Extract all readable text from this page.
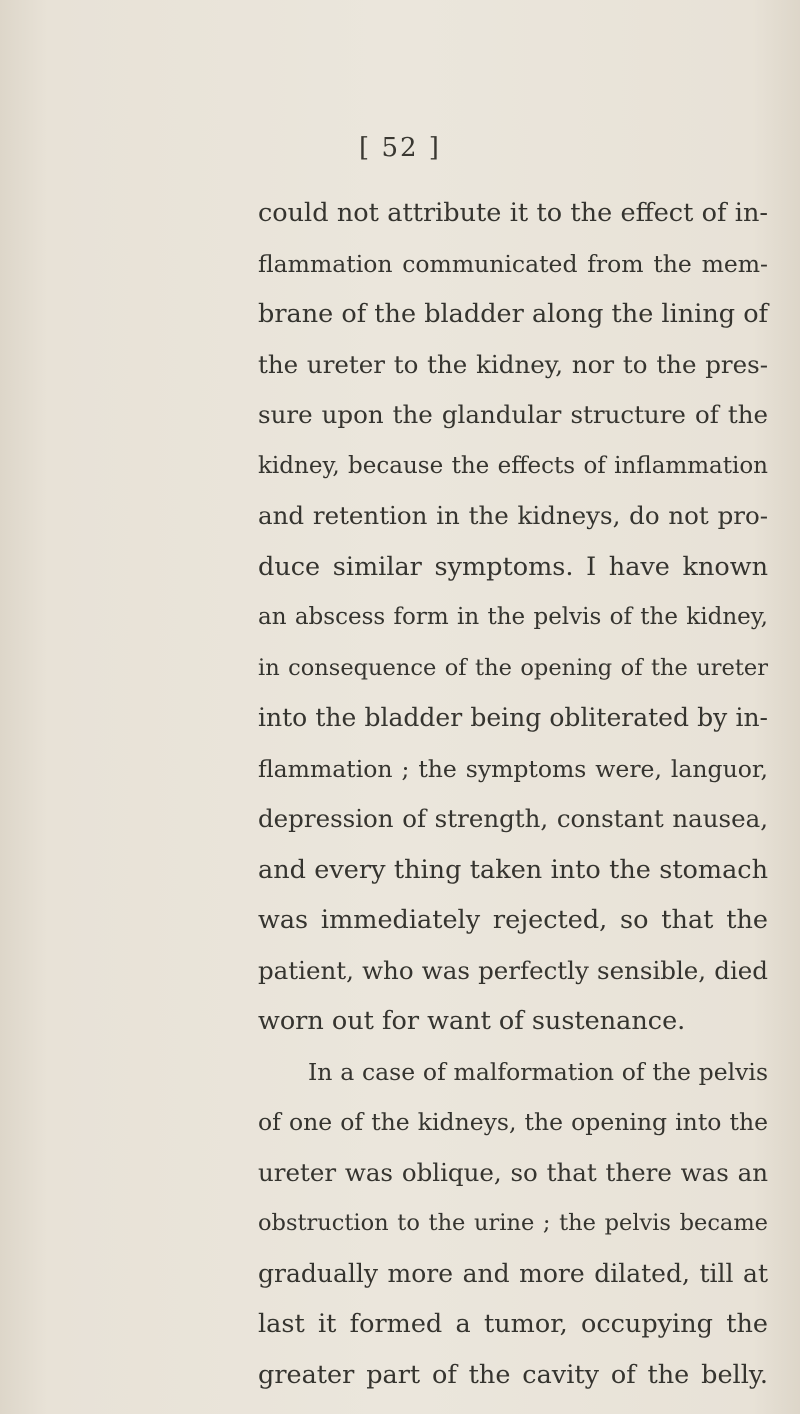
[ 52 ]
could not attribute it to the effect of in-
flammation communicated from the mem-
brane of the bladder along the lining of
the ureter to the kidney, nor to the pres-
sure upon the glandular structure of the
kidney, because the effects of inflammation
and retention in the kidneys, do not pro-
duce similar symptoms. I have known
an abscess form in the pelvis of the kidney,
in consequence of the opening of the ureter
into the bladder being obliterated by in-
flammation ; the symptoms were, languor,
depression of strength, constant nausea,
and every thing taken into the stomach
was immediately rejected, so that the
patient, who was perfectly sensible, died
worn out for want of sustenance.
In a case of malformation of the pelvis
of one of the kidneys, the opening into the
ureter was oblique, so that there was an
obstruction to the urine ; the pelvis became
gradually more and more dilated, till at
last it formed a tumor, occupying the
greater part of the cavity of the belly.
